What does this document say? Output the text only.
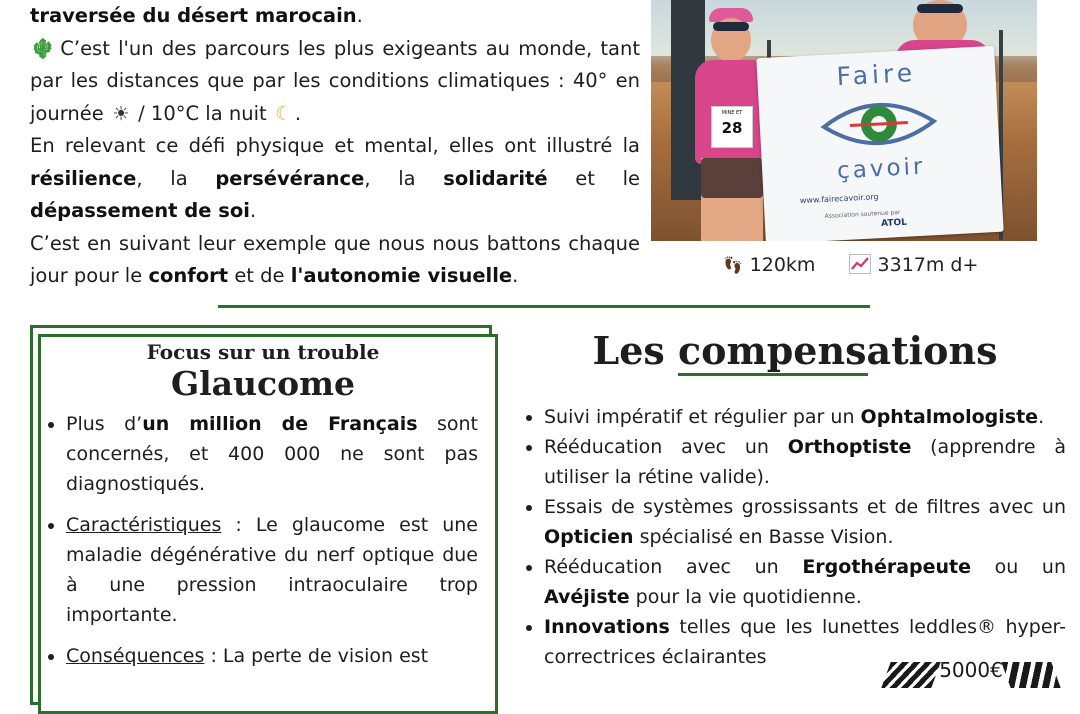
traversée du désert marocain.

🌵︎ C’est l'un des parcours les plus exigeants au monde, tant par les distances que par les conditions climatiques : 40° en journée ☀ / 10°C la nuit ☾ .

En relevant ce défi physique et mental, elles ont illustré la résilience, la persévérance, la solidarité et le

dépassement de soi.

C’est en suivant leur exemple que nous nous battons chaque jour pour le confort et de l'autonomie visuelle.

MINE ET
28
Faire
çavoir
www.fairecavoir.org
Association soutenue par
ATOL
👣︎ 120km	3317m d+
Focus sur un trouble
Glaucome
• Plus d’un million de Français sont concernés, et 400 000 ne sont pas diagnostiqués.
• Caractéristiques : Le glaucome est une maladie dégénérative du nerf optique due à une pression intraoculaire trop importante.
• Conséquences : La perte de vision est
Les compensations
• Suivi impératif et régulier par un Ophtalmologiste.
• Rééducation avec un Orthoptiste (apprendre à utiliser la rétine valide).
• Essais de systèmes grossissants et de filtres avec un Opticien spécialisé en Basse Vision.
• Rééducation avec un Ergothérapeute ou un Avéjiste pour la vie quotidienne.
• Innovations telles que les lunettes leddles® hyper-correctrices éclairantes
5000€
